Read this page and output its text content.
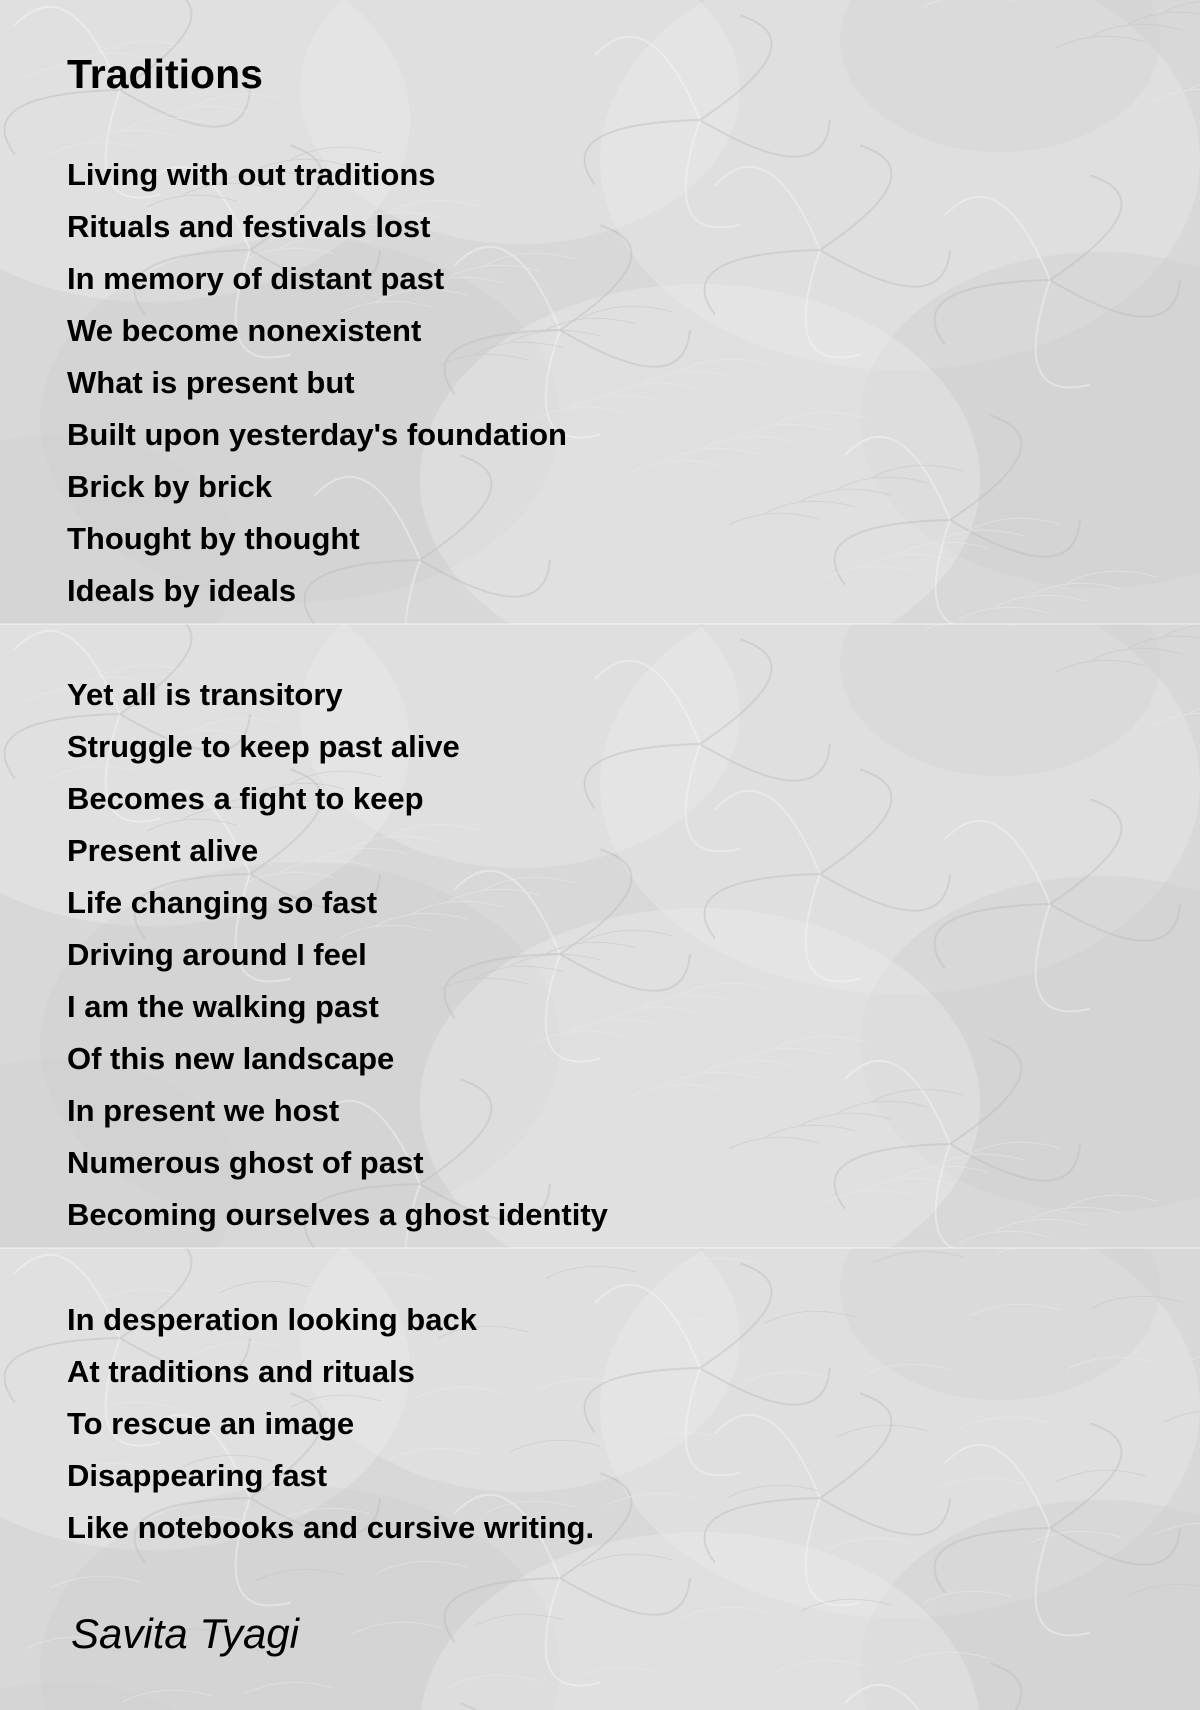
Traditions
Living with out traditions
Rituals and festivals lost
In memory of distant past
We become nonexistent
What is present but
Built upon yesterday's foundation
Brick by brick
Thought by thought
Ideals by ideals
Yet all is transitory
Struggle to keep past alive
Becomes a fight to keep
Present alive
Life changing so fast
Driving around I feel
I am the walking past
Of this new landscape
In present we host
Numerous ghost of past
Becoming ourselves a ghost identity
In desperation looking back
At traditions and rituals
To rescue an image
Disappearing fast
Like notebooks and cursive writing.

Savita Tyagi
